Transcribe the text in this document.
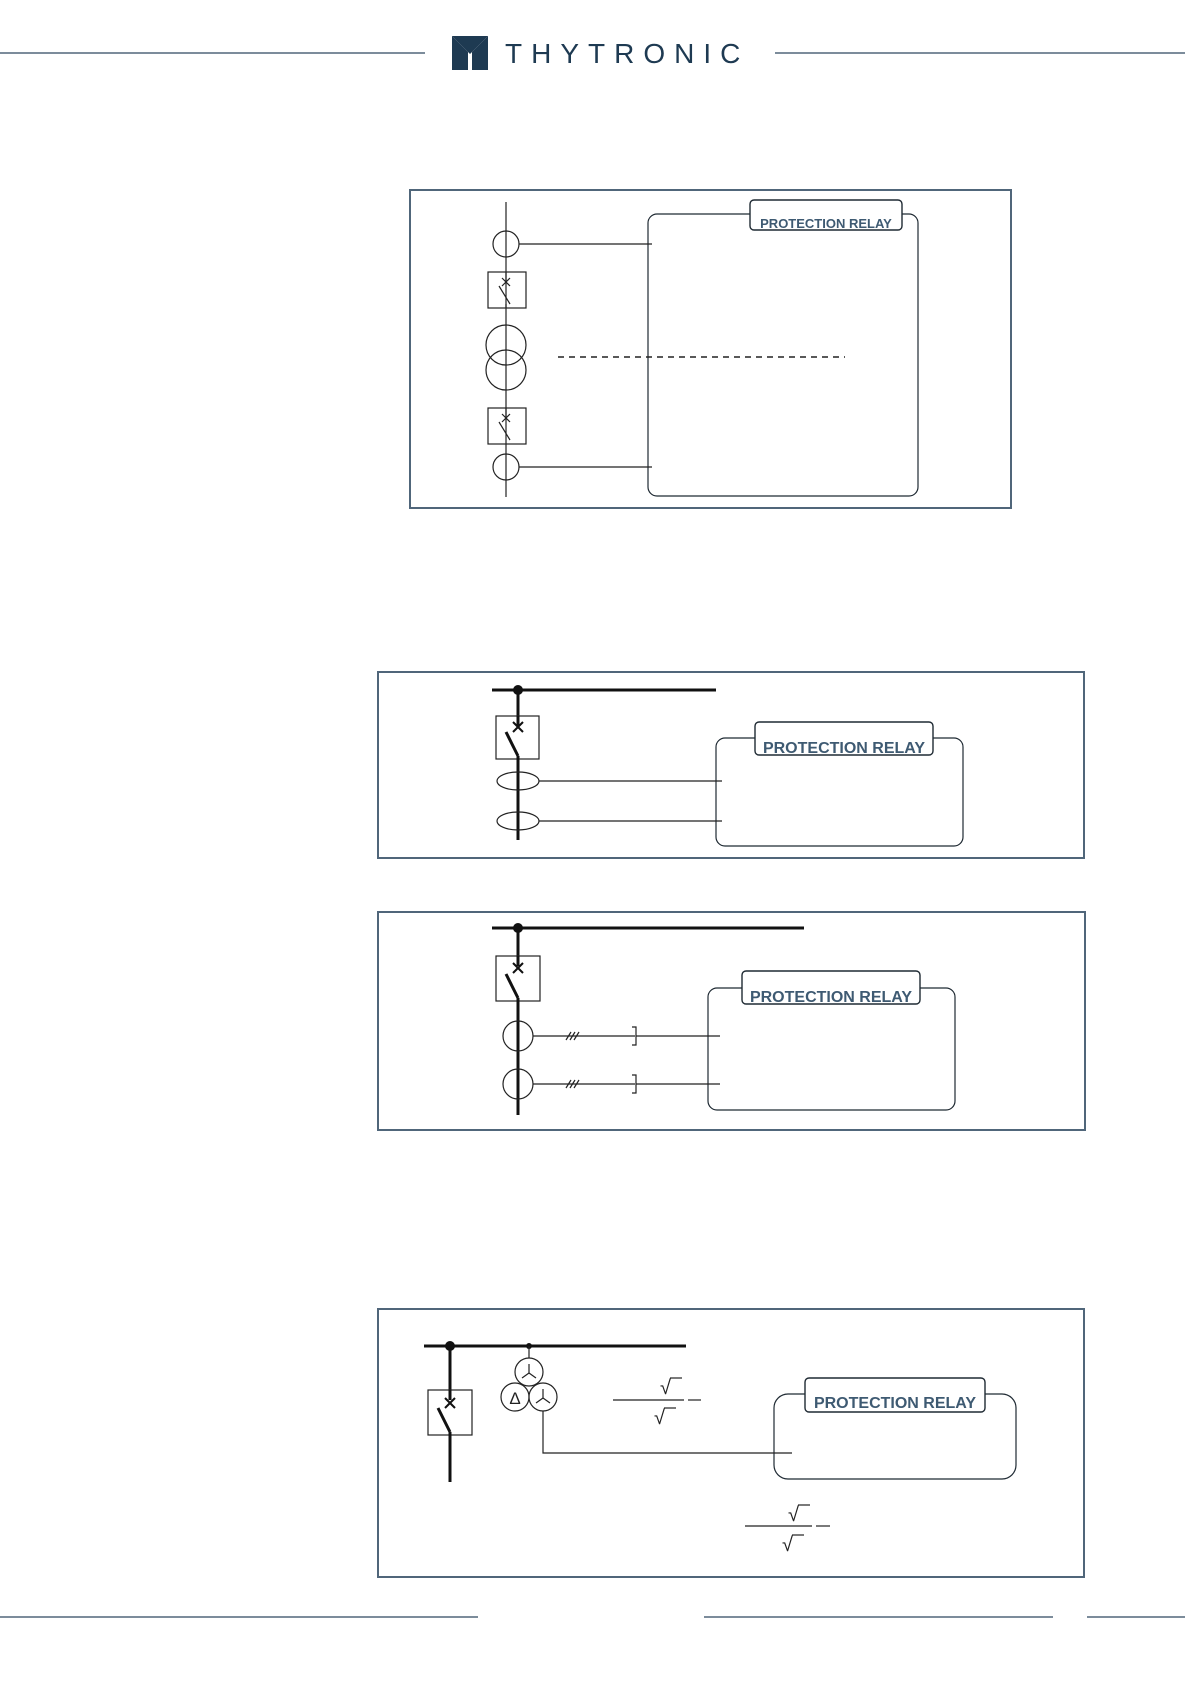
THYTRONIC
PROTECTION RELAY
PROTECTION RELAY
PROTECTION RELAY
PROTECTION RELAY
Δ	√
√
√
√
